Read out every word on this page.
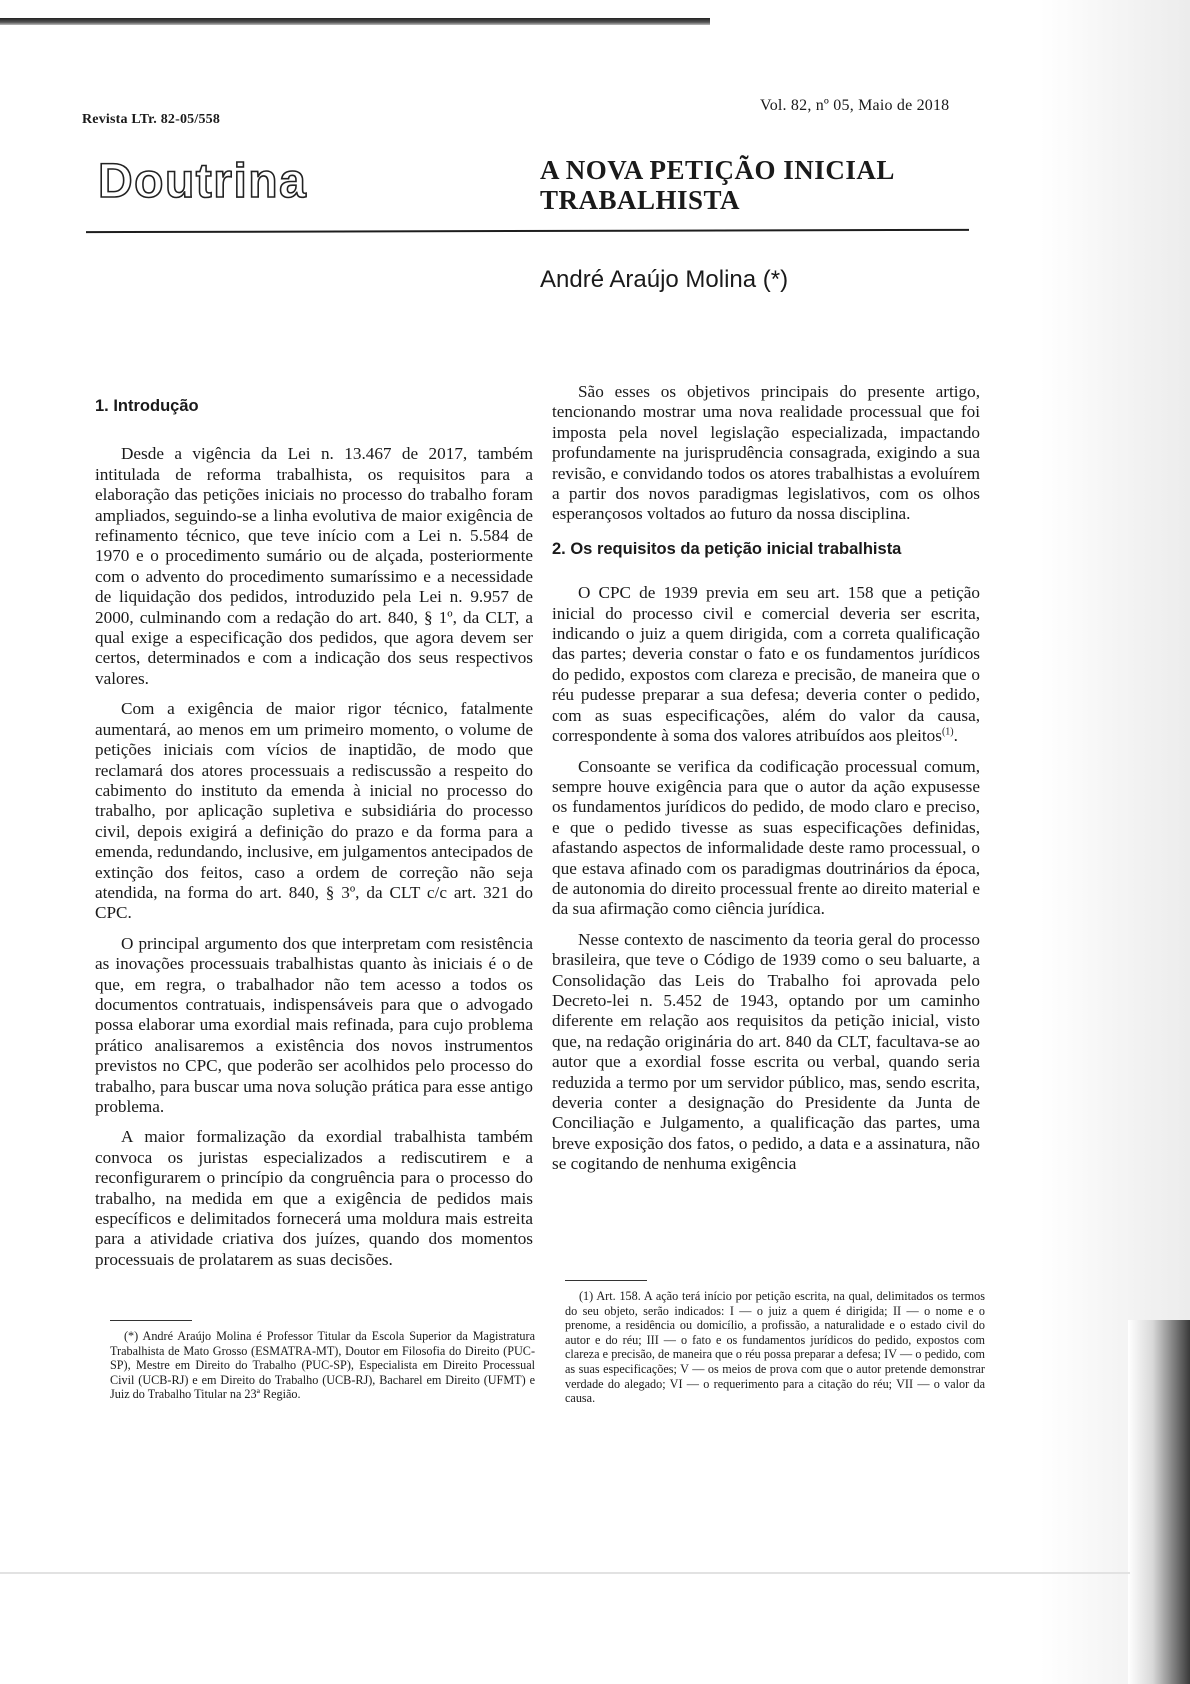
Revista LTr. 82-05/558
Vol. 82, nº 05, Maio de 2018
Doutrina	A NOVA PETIÇÃO INICIAL
TRABALHISTA
André Araújo Molina (*)
1. Introdução

Desde a vigência da Lei n. 13.467 de 2017, também intitulada de reforma trabalhista, os requisitos para a elaboração das petições iniciais no processo do trabalho foram ampliados, seguindo-se a linha evolutiva de maior exigência de refinamento técnico, que teve início com a Lei n. 5.584 de 1970 e o procedimento sumário ou de alçada, posteriormente com o advento do procedimento sumaríssimo e a necessidade de liquidação dos pedidos, introduzido pela Lei n. 9.957 de 2000, culminando com a redação do art. 840, § 1º, da CLT, a qual exige a especificação dos pedidos, que agora devem ser certos, determinados e com a indicação dos seus respectivos valores.

Com a exigência de maior rigor técnico, fatalmente aumentará, ao menos em um primeiro momento, o volume de petições iniciais com vícios de inaptidão, de modo que reclamará dos atores processuais a rediscussão a respeito do cabimento do instituto da emenda à inicial no processo do trabalho, por aplicação supletiva e subsidiária do processo civil, depois exigirá a definição do prazo e da forma para a emenda, redundando, inclusive, em julgamentos antecipados de extinção dos feitos, caso a ordem de correção não seja atendida, na forma do art. 840, § 3º, da CLT c/c art. 321 do CPC.

O principal argumento dos que interpretam com resistência as inovações processuais trabalhistas quanto às iniciais é o de que, em regra, o trabalhador não tem acesso a todos os documentos contratuais, indispensáveis para que o advogado possa elaborar uma exordial mais refinada, para cujo problema prático analisaremos a existência dos novos instrumentos previstos no CPC, que poderão ser acolhidos pelo processo do trabalho, para buscar uma nova solução prática para esse antigo problema.

A maior formalização da exordial trabalhista também convoca os juristas especializados a rediscutirem e a reconfigurarem o princípio da congruência para o processo do trabalho, na medida em que a exigência de pedidos mais específicos e delimitados fornecerá uma moldura mais estreita para a atividade criativa dos juízes, quando dos momentos processuais de prolatarem as suas decisões.

São esses os objetivos principais do presente artigo, tencionando mostrar uma nova realidade processual que foi imposta pela novel legislação especializada, impactando profundamente na jurisprudência consagrada, exigindo a sua revisão, e convidando todos os atores trabalhistas a evoluírem a partir dos novos paradigmas legislativos, com os olhos esperançosos voltados ao futuro da nossa disciplina.

2. Os requisitos da petição inicial trabalhista

O CPC de 1939 previa em seu art. 158 que a petição inicial do processo civil e comercial deveria ser escrita, indicando o juiz a quem dirigida, com a correta qualificação das partes; deveria constar o fato e os fundamentos jurídicos do pedido, expostos com clareza e precisão, de maneira que o réu pudesse preparar a sua defesa; deveria conter o pedido, com as suas especificações, além do valor da causa, correspondente à soma dos valores atribuídos aos pleitos$^{(1)}$.

Consoante se verifica da codificação processual comum, sempre houve exigência para que o autor da ação expusesse os fundamentos jurídicos do pedido, de modo claro e preciso, e que o pedido tivesse as suas especificações definidas, afastando aspectos de informalidade deste ramo processual, o que estava afinado com os paradigmas doutrinários da época, de autonomia do direito processual frente ao direito material e da sua afirmação como ciência jurídica.

Nesse contexto de nascimento da teoria geral do processo brasileira, que teve o Código de 1939 como o seu baluarte, a Consolidação das Leis do Trabalho foi aprovada pelo Decreto-lei n. 5.452 de 1943, optando por um caminho diferente em relação aos requisitos da petição inicial, visto que, na redação originária do art. 840 da CLT, facultava-se ao autor que a exordial fosse escrita ou verbal, quando seria reduzida a termo por um servidor público, mas, sendo escrita, deveria conter a designação do Presidente da Junta de Conciliação e Julgamento, a qualificação das partes, uma breve exposição dos fatos, o pedido, a data e a assinatura, não se cogitando de nenhuma exigência

(*) André Araújo Molina é Professor Titular da Escola Superior da Magistratura Trabalhista de Mato Grosso (ESMATRA-MT), Doutor em Filosofia do Direito (PUC-SP), Mestre em Direito do Trabalho (PUC-SP), Especialista em Direito Processual Civil (UCB-RJ) e em Direito do Trabalho (UCB-RJ), Bacharel em Direito (UFMT) e Juiz do Trabalho Titular na 23ª Região.

(1) Art. 158. A ação terá início por petição escrita, na qual, delimitados os termos do seu objeto, serão indicados: I — o juiz a quem é dirigida; II — o nome e o prenome, a residência ou domicílio, a profissão, a naturalidade e o estado civil do autor e do réu; III — o fato e os fundamentos jurídicos do pedido, expostos com clareza e precisão, de maneira que o réu possa preparar a defesa; IV — o pedido, com as suas especificações; V — os meios de prova com que o autor pretende demonstrar verdade do alegado; VI — o requerimento para a citação do réu; VII — o valor da causa.
